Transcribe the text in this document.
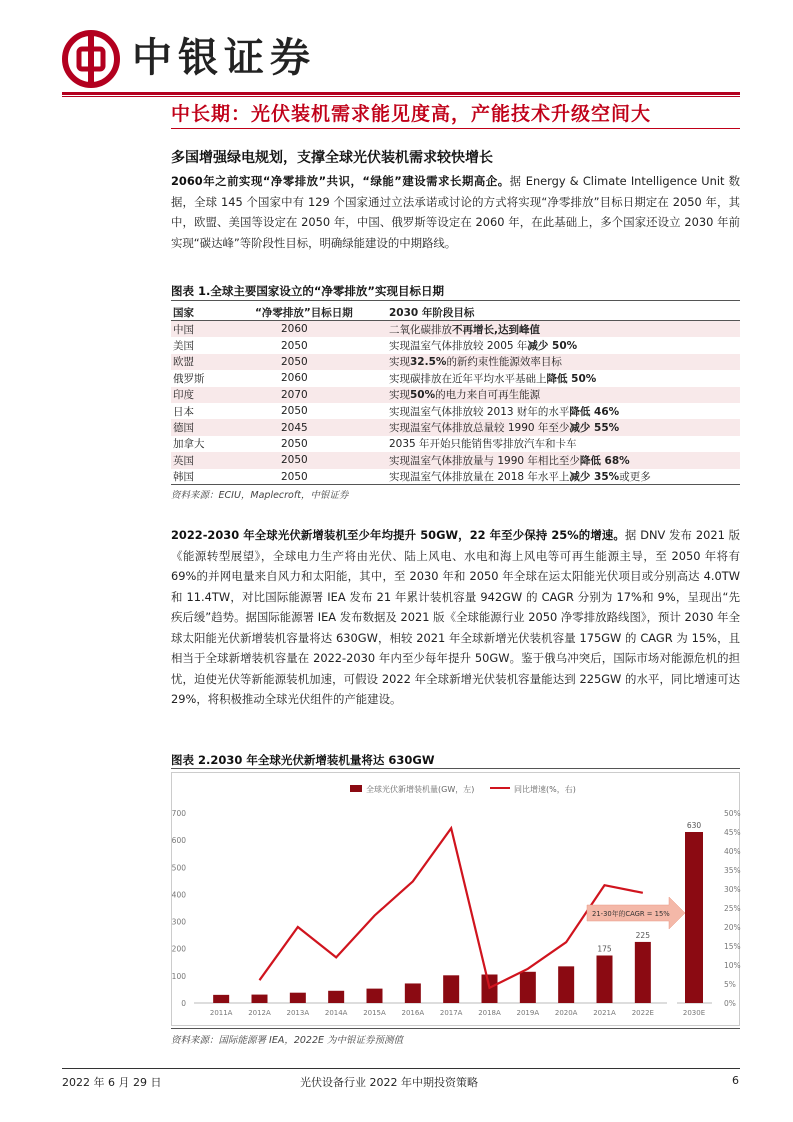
中银证券
中长期：光伏装机需求能见度高，产能技术升级空间大
多国增强绿电规划，支撑全球光伏装机需求较快增长
2060年之前实现“净零排放”共识，“绿能”建设需求长期高企。据 Energy & Climate Intelligence Unit 数据，全球 145 个国家中有 129 个国家通过立法承诺或讨论的方式将实现“净零排放”目标日期定在 2050 年，其中，欧盟、美国等设定在 2050 年，中国、俄罗斯等设定在 2060 年，在此基础上，多个国家还设立 2030 年前实现“碳达峰”等阶段性目标，明确绿能建设的中期路线。
图表 1.全球主要国家设立的“净零排放”实现目标日期
国家	“净零排放”目标日期	2030 年阶段目标
中国	2060	二氧化碳排放不再增长,达到峰值
美国	2050	实现温室气体排放较 2005 年减少 50%
欧盟	2050	实现32.5%的新约束性能源效率目标
俄罗斯	2060	实现碳排放在近年平均水平基础上降低 50%
印度	2070	实现50%的电力来自可再生能源
日本	2050	实现温室气体排放较 2013 财年的水平降低 46%
德国	2045	实现温室气体排放总量较 1990 年至少减少 55%
加拿大	2050	2035 年开始只能销售零排放汽车和卡车
英国	2050	实现温室气体排放量与 1990 年相比至少降低 68%
韩国	2050	实现温室气体排放量在 2018 年水平上减少 35%或更多
资料来源：ECIU，Maplecroft，中银证券
2022-2030 年全球光伏新增装机至少年均提升 50GW，22 年至少保持 25%的增速。据 DNV 发布 2021 版《能源转型展望》，全球电力生产将由光伏、陆上风电、水电和海上风电等可再生能源主导，至 2050 年将有 69%的并网电量来自风力和太阳能，其中，至 2030 年和 2050 年全球在运太阳能光伏项目或分别高达 4.0TW 和 11.4TW，对比国际能源署 IEA 发布 21 年累计装机容量 942GW 的 CAGR 分别为 17%和 9%，呈现出“先疾后缓”趋势。据国际能源署 IEA 发布数据及 2021 版《全球能源行业 2050 净零排放路线图》，预计 2030 年全球太阳能光伏新增装机容量将达 630GW，相较 2021 年全球新增光伏装机容量 175GW 的 CAGR 为 15%，且相当于全球新增装机容量在 2022-2030 年内至少每年提升 50GW。鉴于俄乌冲突后，国际市场对能源危机的担忧，迫使光伏等新能源装机加速，可假设 2022 年全球新增光伏装机容量能达到 225GW 的水平，同比增速可达 29%，将积极推动全球光伏组件的产能建设。
图表 2.2030 年全球光伏新增装机量将达 630GW
全球光伏新增装机量(GW，左)	同比增速(%，右)
0
100
200
300
400
500
600
700
0%
5%
10%
15%
20%
25%
30%
35%
40%
45%
50%
175
225
630
2011A 2012A 2013A 2014A 2015A 2016A 2017A 2018A 2019A 2020A 2021A 2022E	2030E
21-30年的CAGR = 15%
资料来源：国际能源署 IEA，2022E 为中银证券预测值
2022 年 6 月 29 日	光伏设备行业 2022 年中期投资策略	6
